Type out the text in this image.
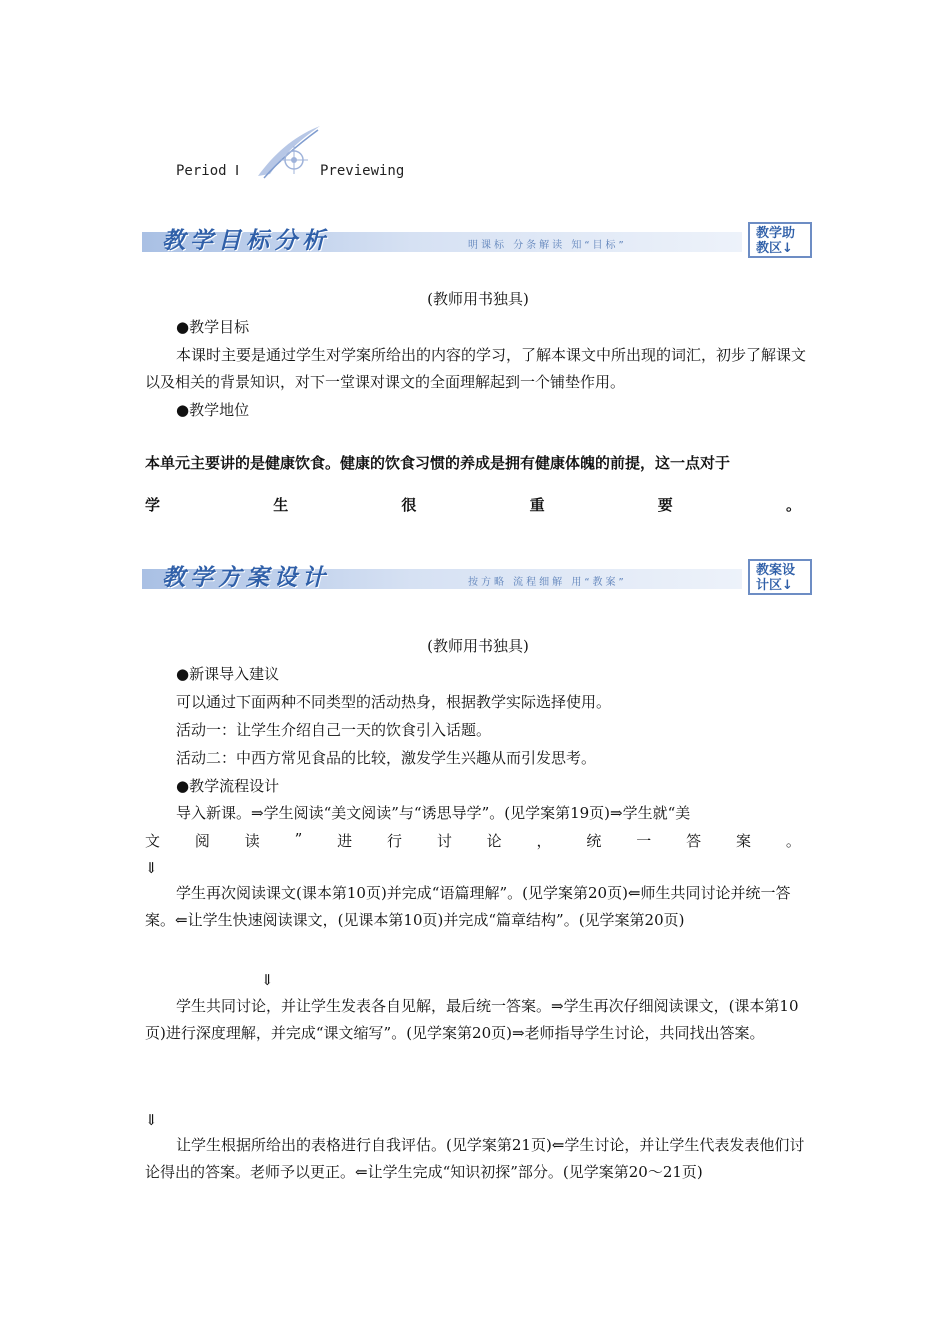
Period Ⅰ	Previewing
教学目标分析	明课标 分条解读 知“目标”
教学助
教区↓
(教师用书独具)
●教学目标
本课时主要是通过学生对学案所给出的内容的学习，了解本课文中所出现的词汇，初步了解课文以及相关的背景知识，对下一堂课对课文的全面理解起到一个铺垫作用。
●教学地位
本单元主要讲的是健康饮食。健康的饮食习惯的养成是拥有健康体魄的前提，这一点对于
学	生	很	重	要	。
教学方案设计	按方略 流程细解 用“教案”
教案设
计区↓
(教师用书独具)
●新课导入建议
可以通过下面两种不同类型的活动热身，根据教学实际选择使用。
活动一：让学生介绍自己一天的饮食引入话题。
活动二：中西方常见食品的比较，激发学生兴趣从而引发思考。
●教学流程设计
导入新课。⇒学生阅读“美文阅读”与“诱思导学”。(见学案第19页)⇒学生就“美
文 阅 读 ” 进 行 讨 论 ， 统 一 答 案 。
⇓
学生再次阅读课文(课本第10页)并完成“语篇理解”。(见学案第20页)⇐师生共同讨论并统一答案。⇐让学生快速阅读课文，(见课本第10页)并完成“篇章结构”。(见学案第20页)
⇓
学生共同讨论，并让学生发表各自见解，最后统一答案。⇒学生再次仔细阅读课文，(课本第10页)进行深度理解，并完成“课文缩写”。(见学案第20页)⇒老师指导学生讨论，共同找出答案。
⇓
让学生根据所给出的表格进行自我评估。(见学案第21页)⇐学生讨论，并让学生代表发表他们讨论得出的答案。老师予以更正。⇐让学生完成“知识初探”部分。(见学案第20～21页)
